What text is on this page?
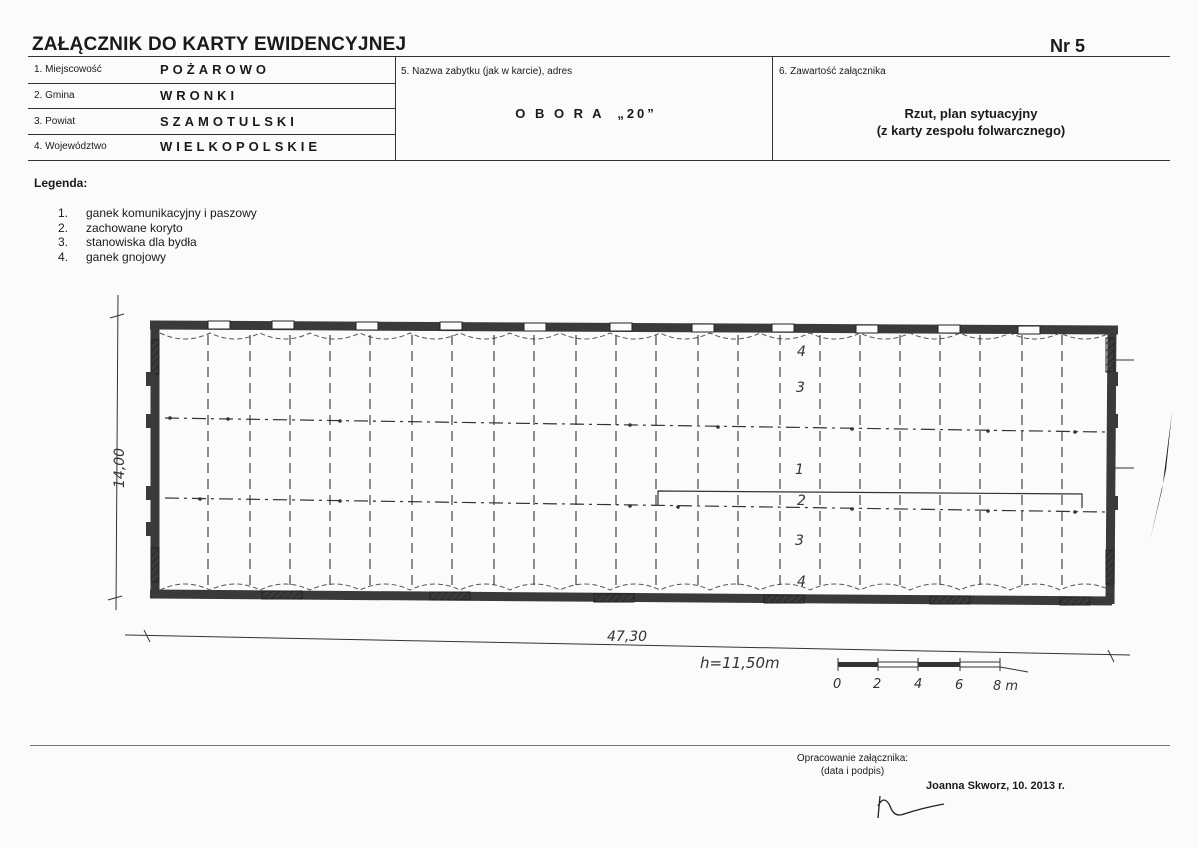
ZAŁĄCZNIK DO KARTY EWIDENCYJNEJ	Nr 5
1. Miejscowość	POŻAROWO
2. Gmina	WRONKI
3. Powiat	SZAMOTULSKI
4. Województwo	WIELKOPOLSKIE
5. Nazwa zabytku (jak w karcie), adres
O B O R A  „20”
6. Zawartość załącznika
Rzut, plan sytuacyjny
(z karty zespołu folwarcznego)
Legenda:
1.	ganek komunikacyjny i paszowy
2.	zachowane koryto
3.	stanowiska dla bydła
4.	ganek gnojowy
4
3
1
2
3
4
14,00
47,30
0 2	4	6 8 m
h=11,50m
Opracowanie załącznika:
(data i podpis)
Joanna Skworz, 10. 2013 r.
